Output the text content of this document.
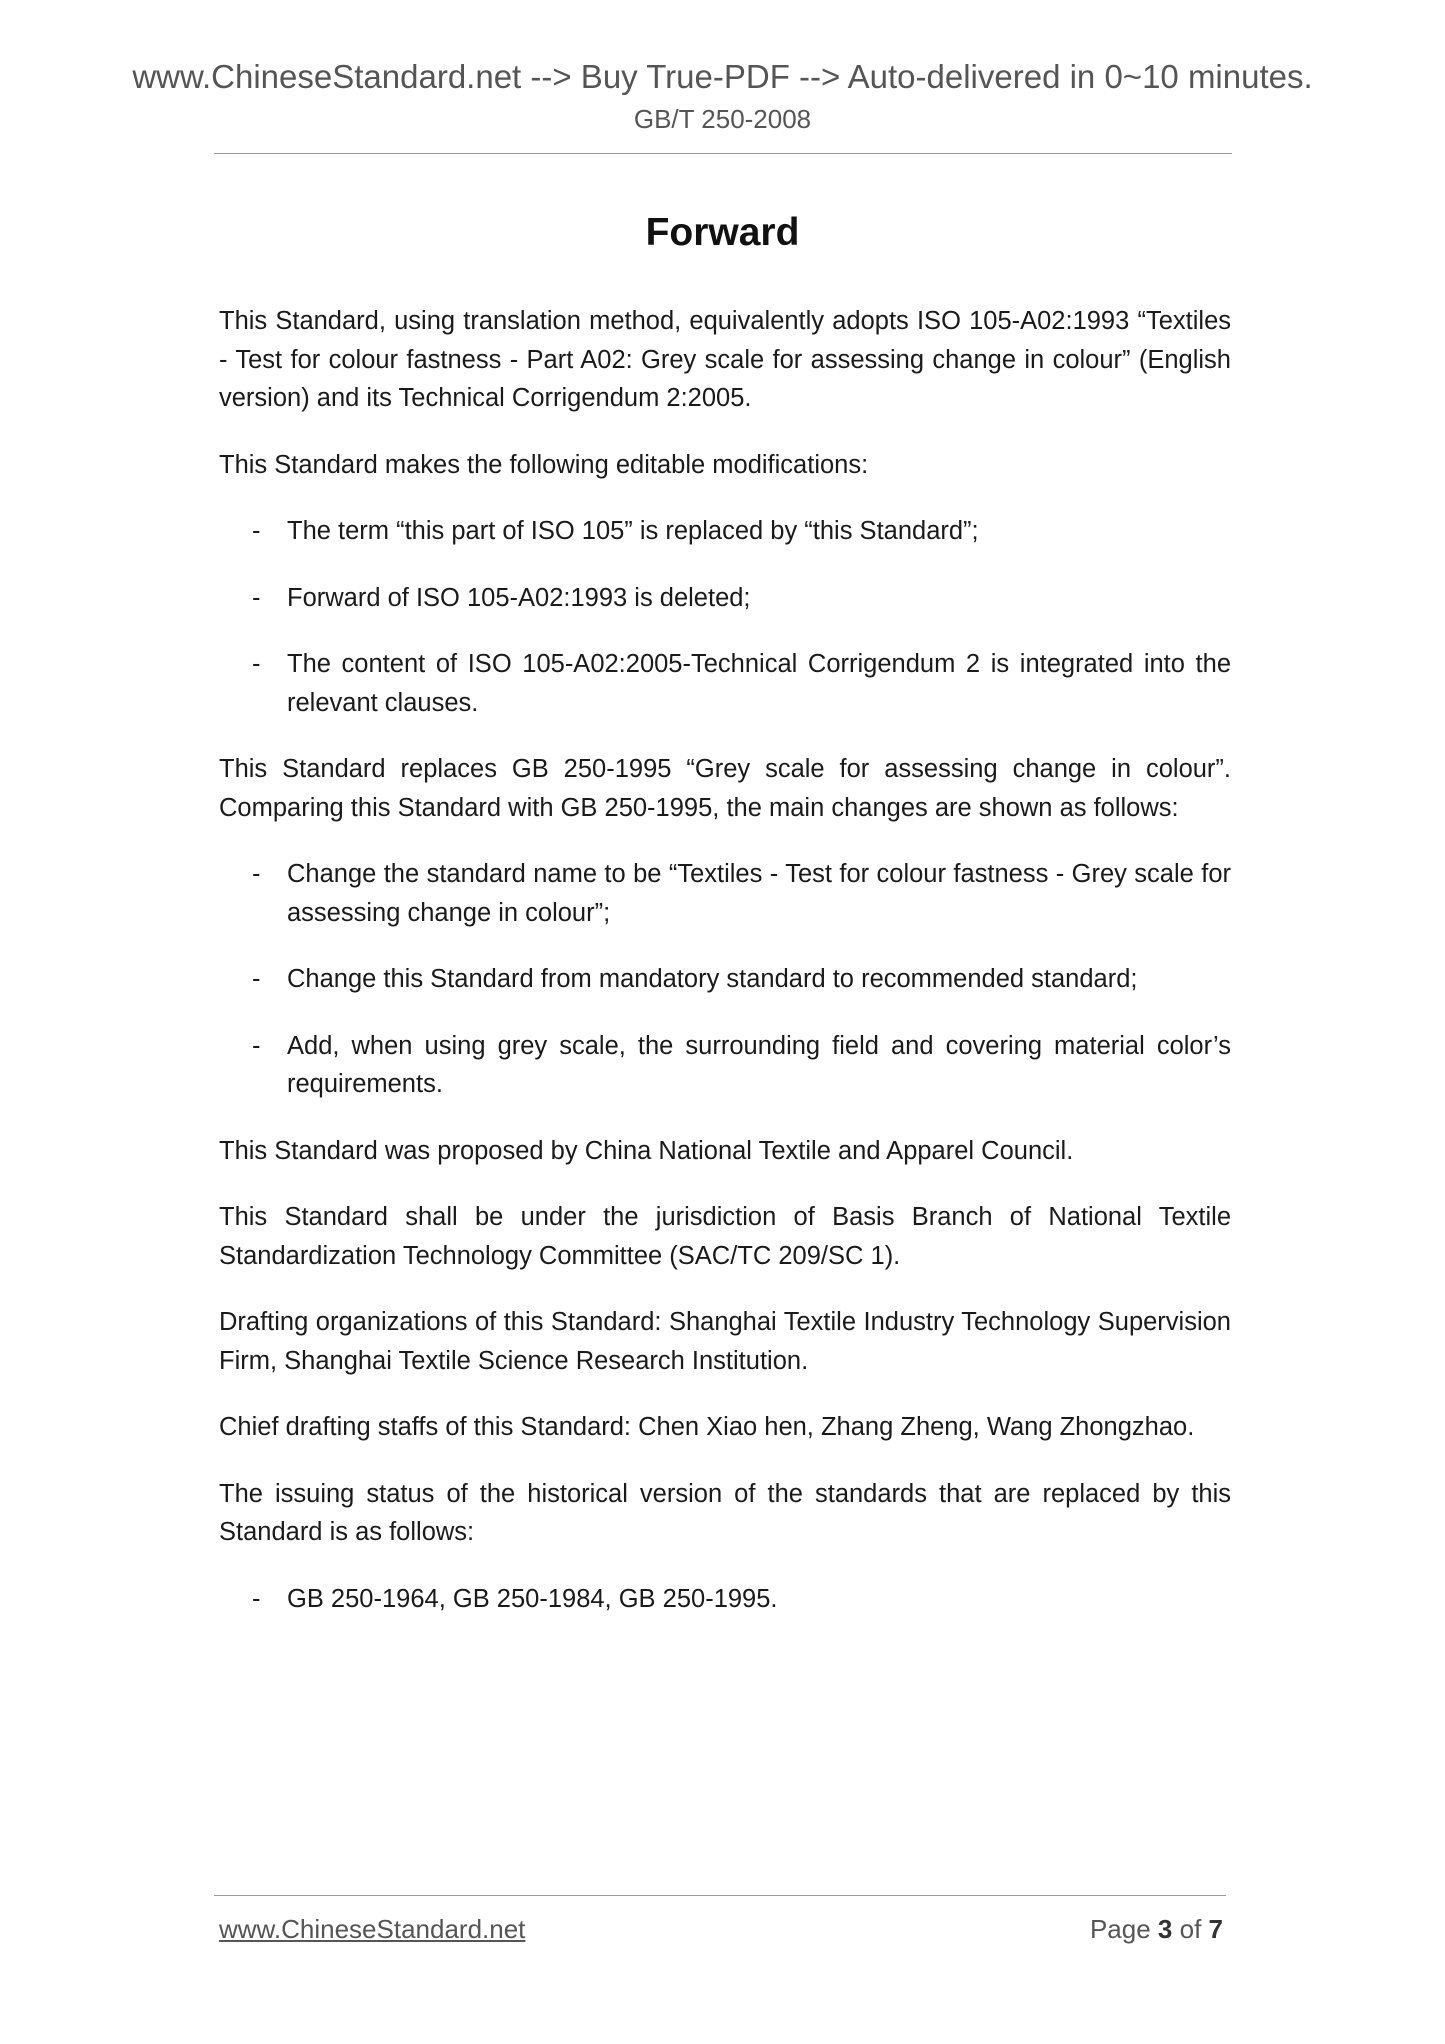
www.ChineseStandard.net --> Buy True-PDF --> Auto-delivered in 0~10 minutes.
GB/T 250-2008
Forward

This Standard, using translation method, equivalently adopts ISO 105-A02:1993 “Textiles - Test for colour fastness - Part A02: Grey scale for assessing change in colour” (English version) and its Technical Corrigendum 2:2005.

This Standard makes the following editable modifications:

- The term “this part of ISO 105” is replaced by “this Standard”;
- Forward of ISO 105-A02:1993 is deleted;
- The content of ISO 105-A02:2005-Technical Corrigendum 2 is integrated into the relevant clauses.

This Standard replaces GB 250-1995 “Grey scale for assessing change in colour”. Comparing this Standard with GB 250-1995, the main changes are shown as follows:

- Change the standard name to be “Textiles - Test for colour fastness - Grey scale for assessing change in colour”;
- Change this Standard from mandatory standard to recommended standard;
- Add, when using grey scale, the surrounding field and covering material color’s requirements.

This Standard was proposed by China National Textile and Apparel Council.

This Standard shall be under the jurisdiction of Basis Branch of National Textile Standardization Technology Committee (SAC/TC 209/SC 1).

Drafting organizations of this Standard: Shanghai Textile Industry Technology Supervision Firm, Shanghai Textile Science Research Institution.

Chief drafting staffs of this Standard: Chen Xiao hen, Zhang Zheng, Wang Zhongzhao.

The issuing status of the historical version of the standards that are replaced by this Standard is as follows:

- GB 250-1964, GB 250-1984, GB 250-1995.
www.ChineseStandard.net	Page 3 of 7
